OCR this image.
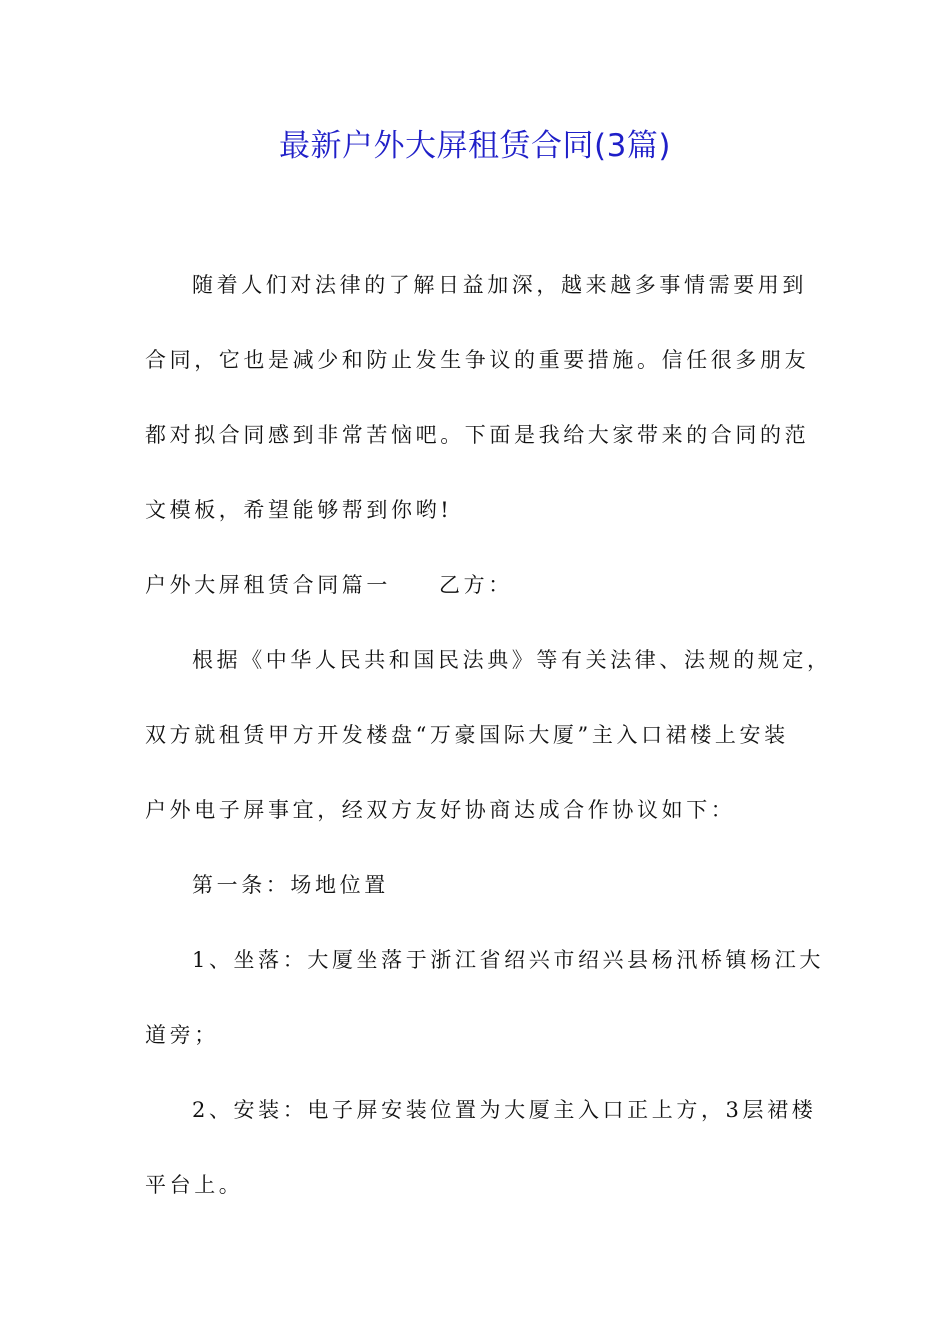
最新户外大屏租赁合同(3篇)
随着人们对法律的了解日益加深，越来越多事情需要用到
合同，它也是减少和防止发生争议的重要措施。信任很多朋友
都对拟合同感到非常苦恼吧。下面是我给大家带来的合同的范
文模板，希望能够帮到你哟!
户外大屏租赁合同篇一 乙方：
根据《中华人民共和国民法典》等有关法律、法规的规定，
双方就租赁甲方开发楼盘“万豪国际大厦”主入口裙楼上安装
户外电子屏事宜，经双方友好协商达成合作协议如下：
第一条：场地位置
1、坐落：大厦坐落于浙江省绍兴市绍兴县杨汛桥镇杨江大
道旁；
2、安装：电子屏安装位置为大厦主入口正上方，3层裙楼
平台上。
